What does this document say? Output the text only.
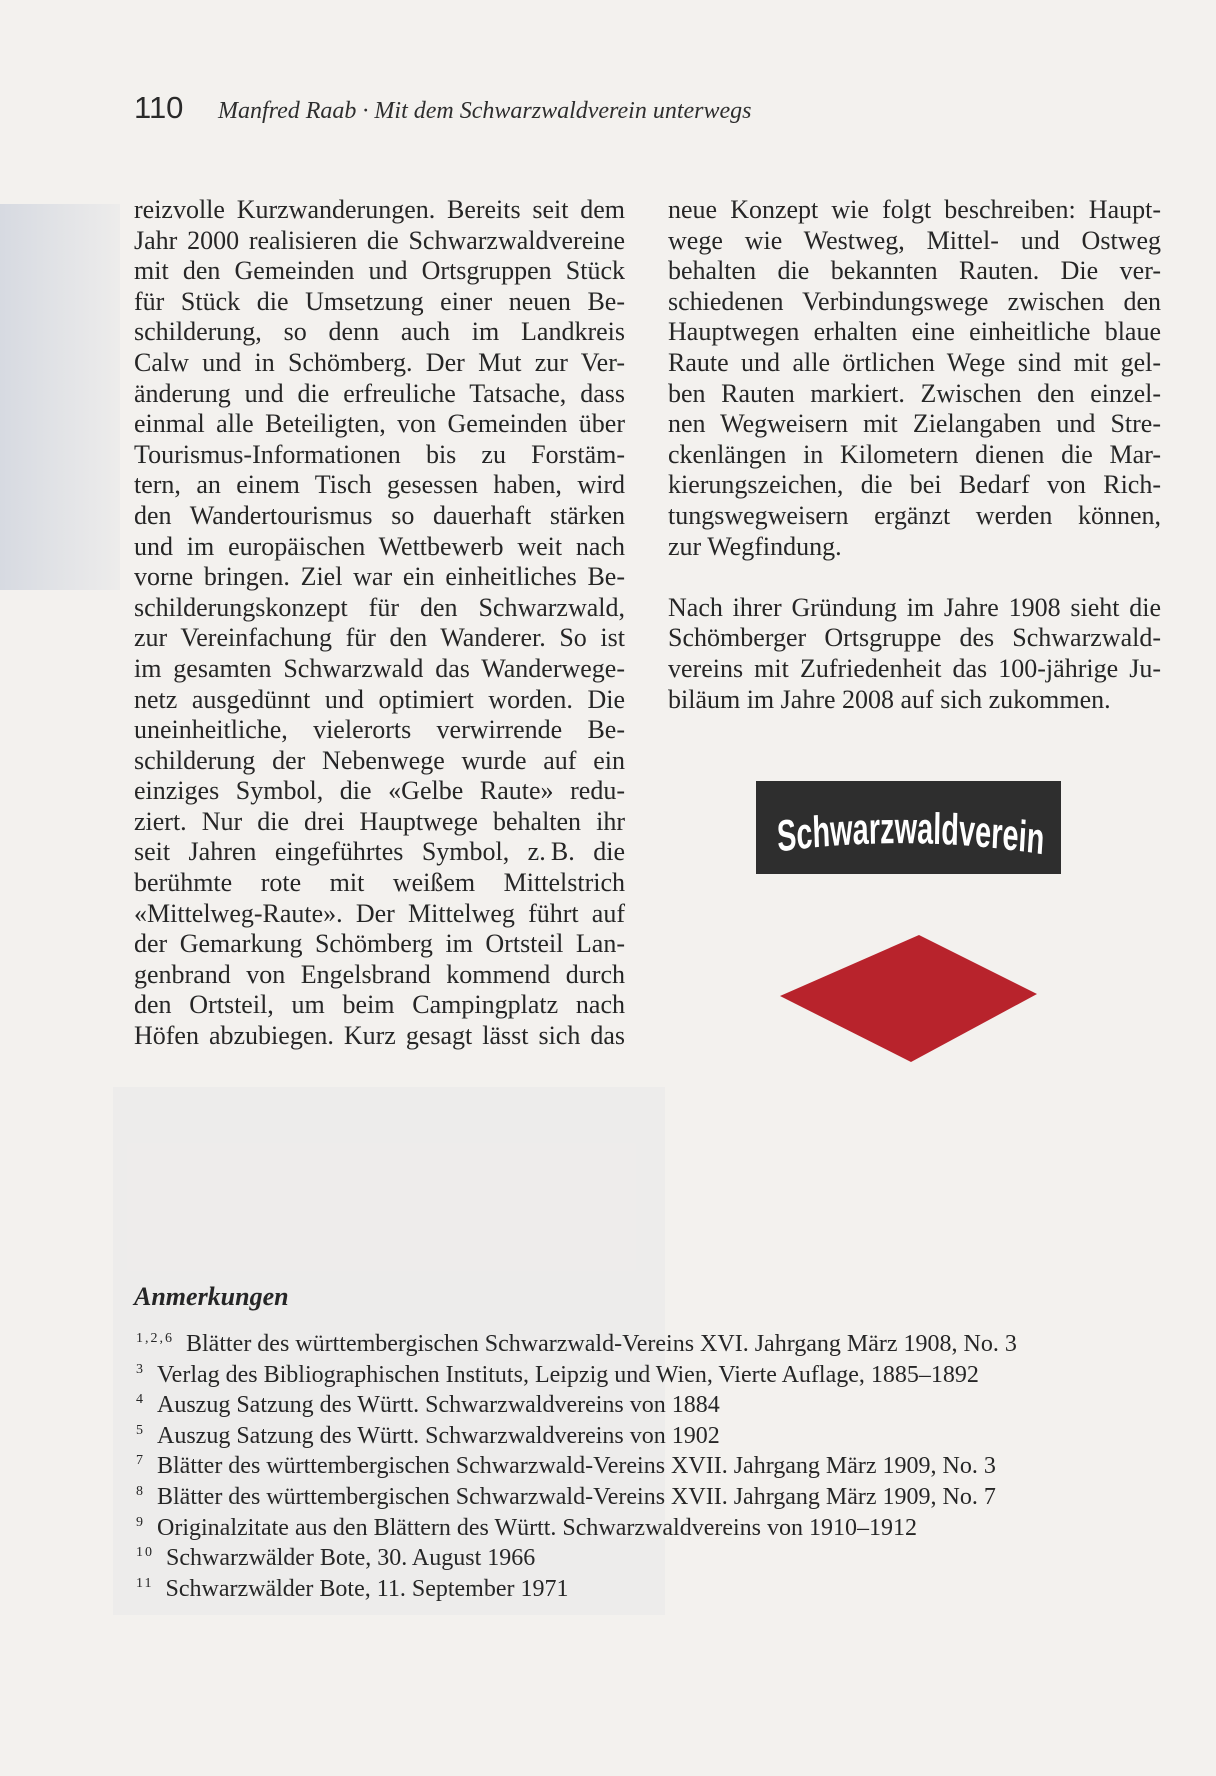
110	Manfred Raab · Mit dem Schwarzwaldverein unterwegs
reizvolle Kurzwanderungen. Bereits seit dem
Jahr 2000 realisieren die Schwarzwaldvereine
mit den Gemeinden und Ortsgruppen Stück
für Stück die Umsetzung einer neuen Be-
schilderung, so denn auch im Landkreis
Calw und in Schömberg. Der Mut zur Ver-
änderung und die erfreuliche Tatsache, dass
einmal alle Beteiligten, von Gemeinden über
Tourismus-Informationen bis zu Forstäm-
tern, an einem Tisch gesessen haben, wird
den Wandertourismus so dauerhaft stärken
und im europäischen Wettbewerb weit nach
vorne bringen. Ziel war ein einheitliches Be-
schilderungskonzept für den Schwarzwald,
zur Vereinfachung für den Wanderer. So ist
im gesamten Schwarzwald das Wanderwege-
netz ausgedünnt und optimiert worden. Die
uneinheitliche, vielerorts verwirrende Be-
schilderung der Nebenwege wurde auf ein
einziges Symbol, die «Gelbe Raute» redu-
ziert. Nur die drei Hauptwege behalten ihr
seit Jahren eingeführtes Symbol, z. B. die
berühmte rote mit weißem Mittelstrich
«Mittelweg-Raute». Der Mittelweg führt auf
der Gemarkung Schömberg im Ortsteil Lan-
genbrand von Engelsbrand kommend durch
den Ortsteil, um beim Campingplatz nach
Höfen abzubiegen. Kurz gesagt lässt sich das
neue Konzept wie folgt beschreiben: Haupt-
wege wie Westweg, Mittel- und Ostweg
behalten die bekannten Rauten. Die ver-
schiedenen Verbindungswege zwischen den
Hauptwegen erhalten eine einheitliche blaue
Raute und alle örtlichen Wege sind mit gel-
ben Rauten markiert. Zwischen den einzel-
nen Wegweisern mit Zielangaben und Stre-
ckenlängen in Kilometern dienen die Mar-
kierungszeichen, die bei Bedarf von Rich-
tungswegweisern ergänzt werden können,
zur Wegfindung.
Nach ihrer Gründung im Jahre 1908 sieht die
Schömberger Ortsgruppe des Schwarzwald-
vereins mit Zufriedenheit das 100-jährige Ju-
biläum im Jahre 2008 auf sich zukommen.
Schwarzwaldverein
Anmerkungen
$^{1,2,6}$ Blätter des württembergischen Schwarzwald-Vereins XVI. Jahrgang März 1908, No. 3
$^3$ Verlag des Bibliographischen Instituts, Leipzig und Wien, Vierte Auflage, 1885–1892
$^4$ Auszug Satzung des Württ. Schwarzwaldvereins von 1884
$^5$ Auszug Satzung des Württ. Schwarzwaldvereins von 1902
$^7$ Blätter des württembergischen Schwarzwald-Vereins XVII. Jahrgang März 1909, No. 3
$^8$ Blätter des württembergischen Schwarzwald-Vereins XVII. Jahrgang März 1909, No. 7
$^9$ Originalzitate aus den Blättern des Württ. Schwarzwaldvereins von 1910–1912
$^{10}$ Schwarzwälder Bote, 30. August 1966
$^{11}$ Schwarzwälder Bote, 11. September 1971
